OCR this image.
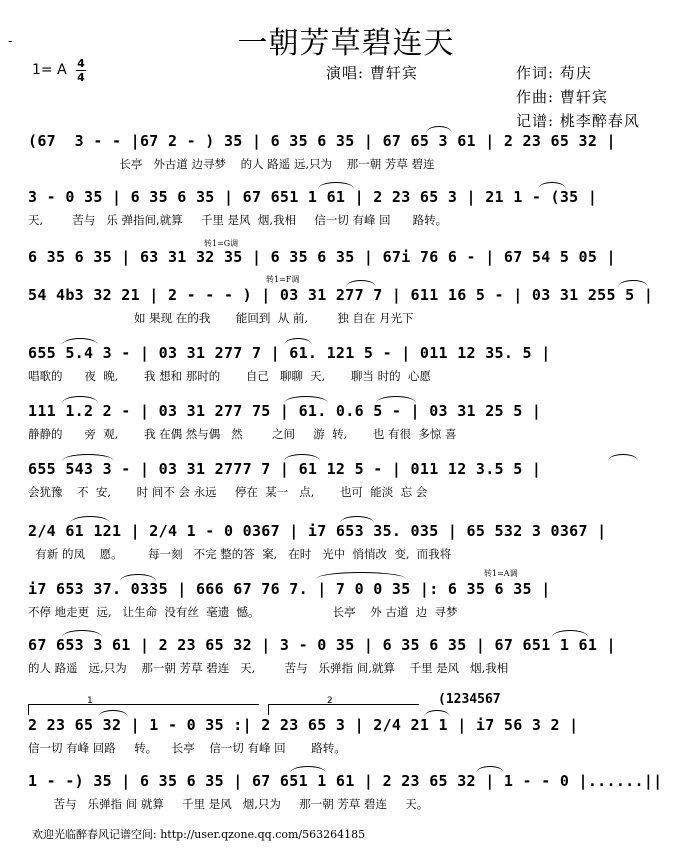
一朝芳草碧连天
-
1= A 4
4	演唱: 曹轩宾	作词: 苟庆
作曲: 曹轩宾
记谱: 桃李醉春风
(67  3 - - |67 2 - ) 35 | 6 35 6 35 | 67 65 3 61 | 2 23 65 32 |
长亭   外古道 边寻梦    的人 路遥 远,只为    那一朝 芳草 碧连
3 - 0 35 | 6 35 6 35 | 67 651 1 61 | 2 23 65 3 | 21 1 - (35 |
天,        苦与   乐 弹指间,就算     千里 是风  烟,我相     信一切 有峰 回      路转。
6 35 6 35 | 63 31 32 35 | 6 35 6 35 | 67i 76 6 - | 67 54 5 05 |
转1=G调
54 4b3 32 21 | 2 - - - ) | 03 31 277 7 | 611 16 5 - | 03 31 255 5 |
如 果现 在的我       能回到  从 前,        独 自在 月光下
转1=F调
655 5.4 3 - | 03 31 277 7 | 61. 121 5 - | 011 12 35. 5 |
唱歌的      夜  晚,       我 想和 那时的       自己   聊聊  天,       聊当 时的  心愿
111 1.2 2 - | 03 31 277 75 | 61. 0.6 5 - | 03 31 25 5 |
静静的      旁  观,       我 在偶 然与偶   然        之间     游  转,       也 有很  多惊 喜
655 543 3 - | 03 31 2777 7 | 61 12 5 - | 011 12 3.5 5 |
会犹豫    不  安,       时 间不 会 永远     停在  某一   点,       也可  能淡  忘 会
2/4 61 121 | 2/4 1 - 0 0367 | i7 653 35. 035 | 65 532 3 0367 |
有新 的凤    愿。       每一刻   不完 整的答  案,   在时   光中  悄悄改  变,  而我将
i7 653 37. 0335 | 666 67 76 7. | 7 0 0 35 |: 6 35 6 35 |
不停 地走更  远,   让生命  没有丝  毫遗  憾。                    长亭    外 古道  边  寻梦
转1=A调
67 653 3 61 | 2 23 65 32 | 3 - 0 35 | 6 35 6 35 | 67 651 1 61 |
的人 路遥   远,只为    那一朝 芳草 碧连   天,        苦与   乐弹指 间,就算    千里 是风   烟,我相
2 23 65 32 | 1 - 0 35 :| 2 23 65 3 | 2/4 21 1 | i7 56 3 2 |
信一切 有峰 回路     转。    长亭    信一切 有峰 回       路转。
1	2	(1234567
1 - -) 35 | 6 35 6 35 | 67 651 1 61 | 2 23 65 32 | 1 - - 0 |......||
苦与   乐弹指 间 就算     千里 是风   烟,只为     那一朝 芳草 碧连     天。
欢迎光临醉春风记谱空间: http://user.qzone.qq.com/563264185
